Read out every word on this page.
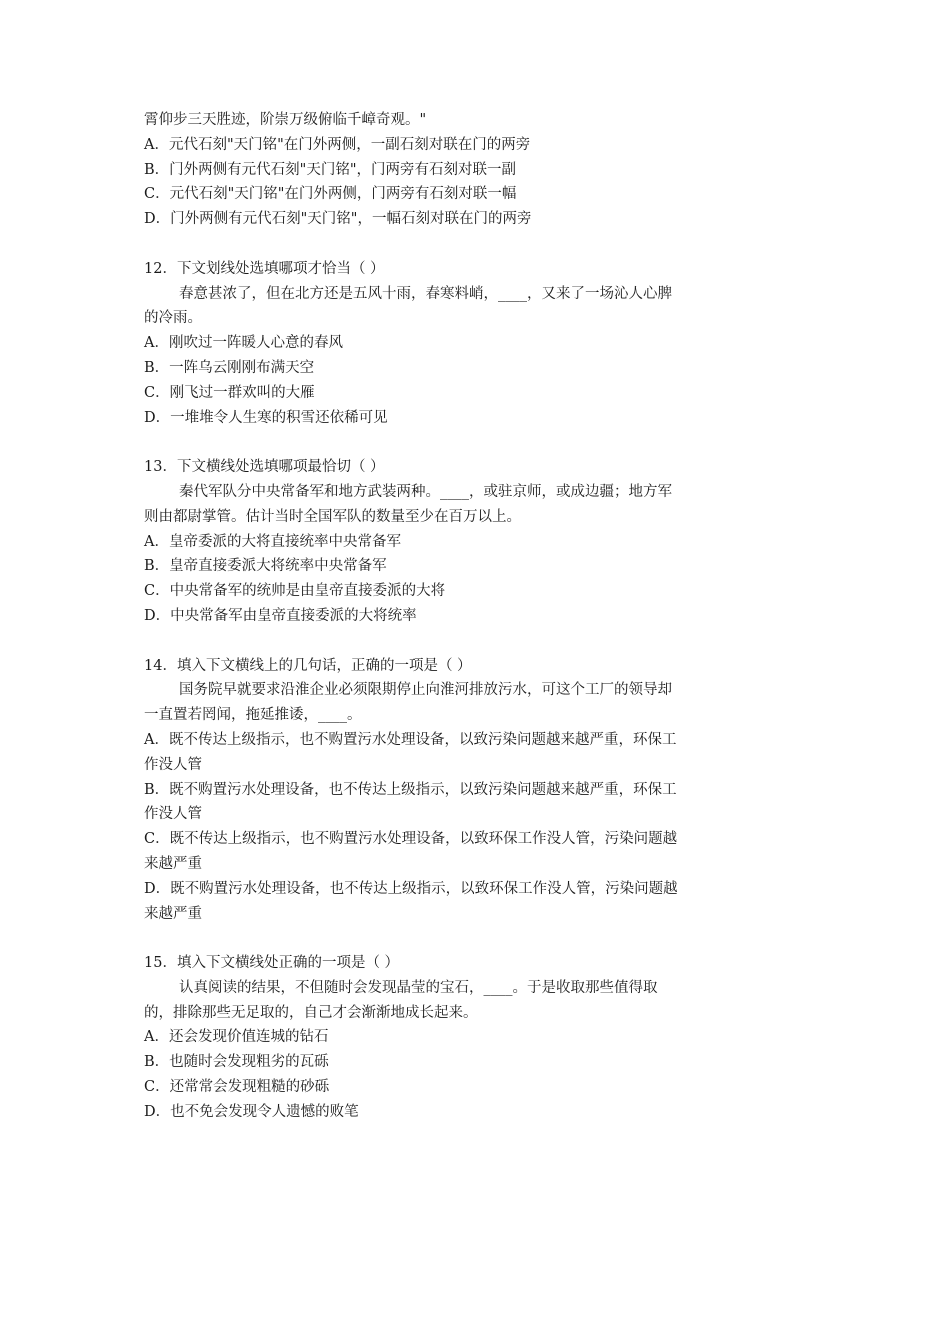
霄仰步三天胜迹，阶崇万级俯临千嶂奇观。"
A．元代石刻"天门铭"在门外两侧，一副石刻对联在门的两旁
B．门外两侧有元代石刻"天门铭"，门两旁有石刻对联一副
C．元代石刻"天门铭"在门外两侧，门两旁有石刻对联一幅
D．门外两侧有元代石刻"天门铭"，一幅石刻对联在门的两旁
12．下文划线处选填哪项才恰当（ ）
春意甚浓了，但在北方还是五风十雨，春寒料峭，____，又来了一场沁人心脾
的冷雨。
A．刚吹过一阵暖人心意的春风
B．一阵乌云刚刚布满天空
C．刚飞过一群欢叫的大雁
D．一堆堆令人生寒的积雪还依稀可见
13．下文横线处选填哪项最恰切（ ）
秦代军队分中央常备军和地方武装两种。____，或驻京师，或成边疆；地方军
则由都尉掌管。估计当时全国军队的数量至少在百万以上。
A．皇帝委派的大将直接统率中央常备军
B．皇帝直接委派大将统率中央常备军
C．中央常备军的统帅是由皇帝直接委派的大将
D．中央常备军由皇帝直接委派的大将统率
14．填入下文横线上的几句话，正确的一项是（ ）
国务院早就要求沿淮企业必须限期停止向淮河排放污水，可这个工厂的领导却
一直置若罔闻，拖延推诿，____。
A．既不传达上级指示，也不购置污水处理设备，以致污染问题越来越严重，环保工
作没人管
B．既不购置污水处理设备，也不传达上级指示，以致污染问题越来越严重，环保工
作没人管
C．既不传达上级指示，也不购置污水处理设备，以致环保工作没人管，污染问题越
来越严重
D．既不购置污水处理设备，也不传达上级指示，以致环保工作没人管，污染问题越
来越严重
15．填入下文横线处正确的一项是（ ）
认真阅读的结果，不但随时会发现晶莹的宝石，____。于是收取那些值得取
的，排除那些无足取的，自己才会渐渐地成长起来。
A．还会发现价值连城的钻石
B．也随时会发现粗劣的瓦砾
C．还常常会发现粗糙的砂砾
D．也不免会发现令人遗憾的败笔
